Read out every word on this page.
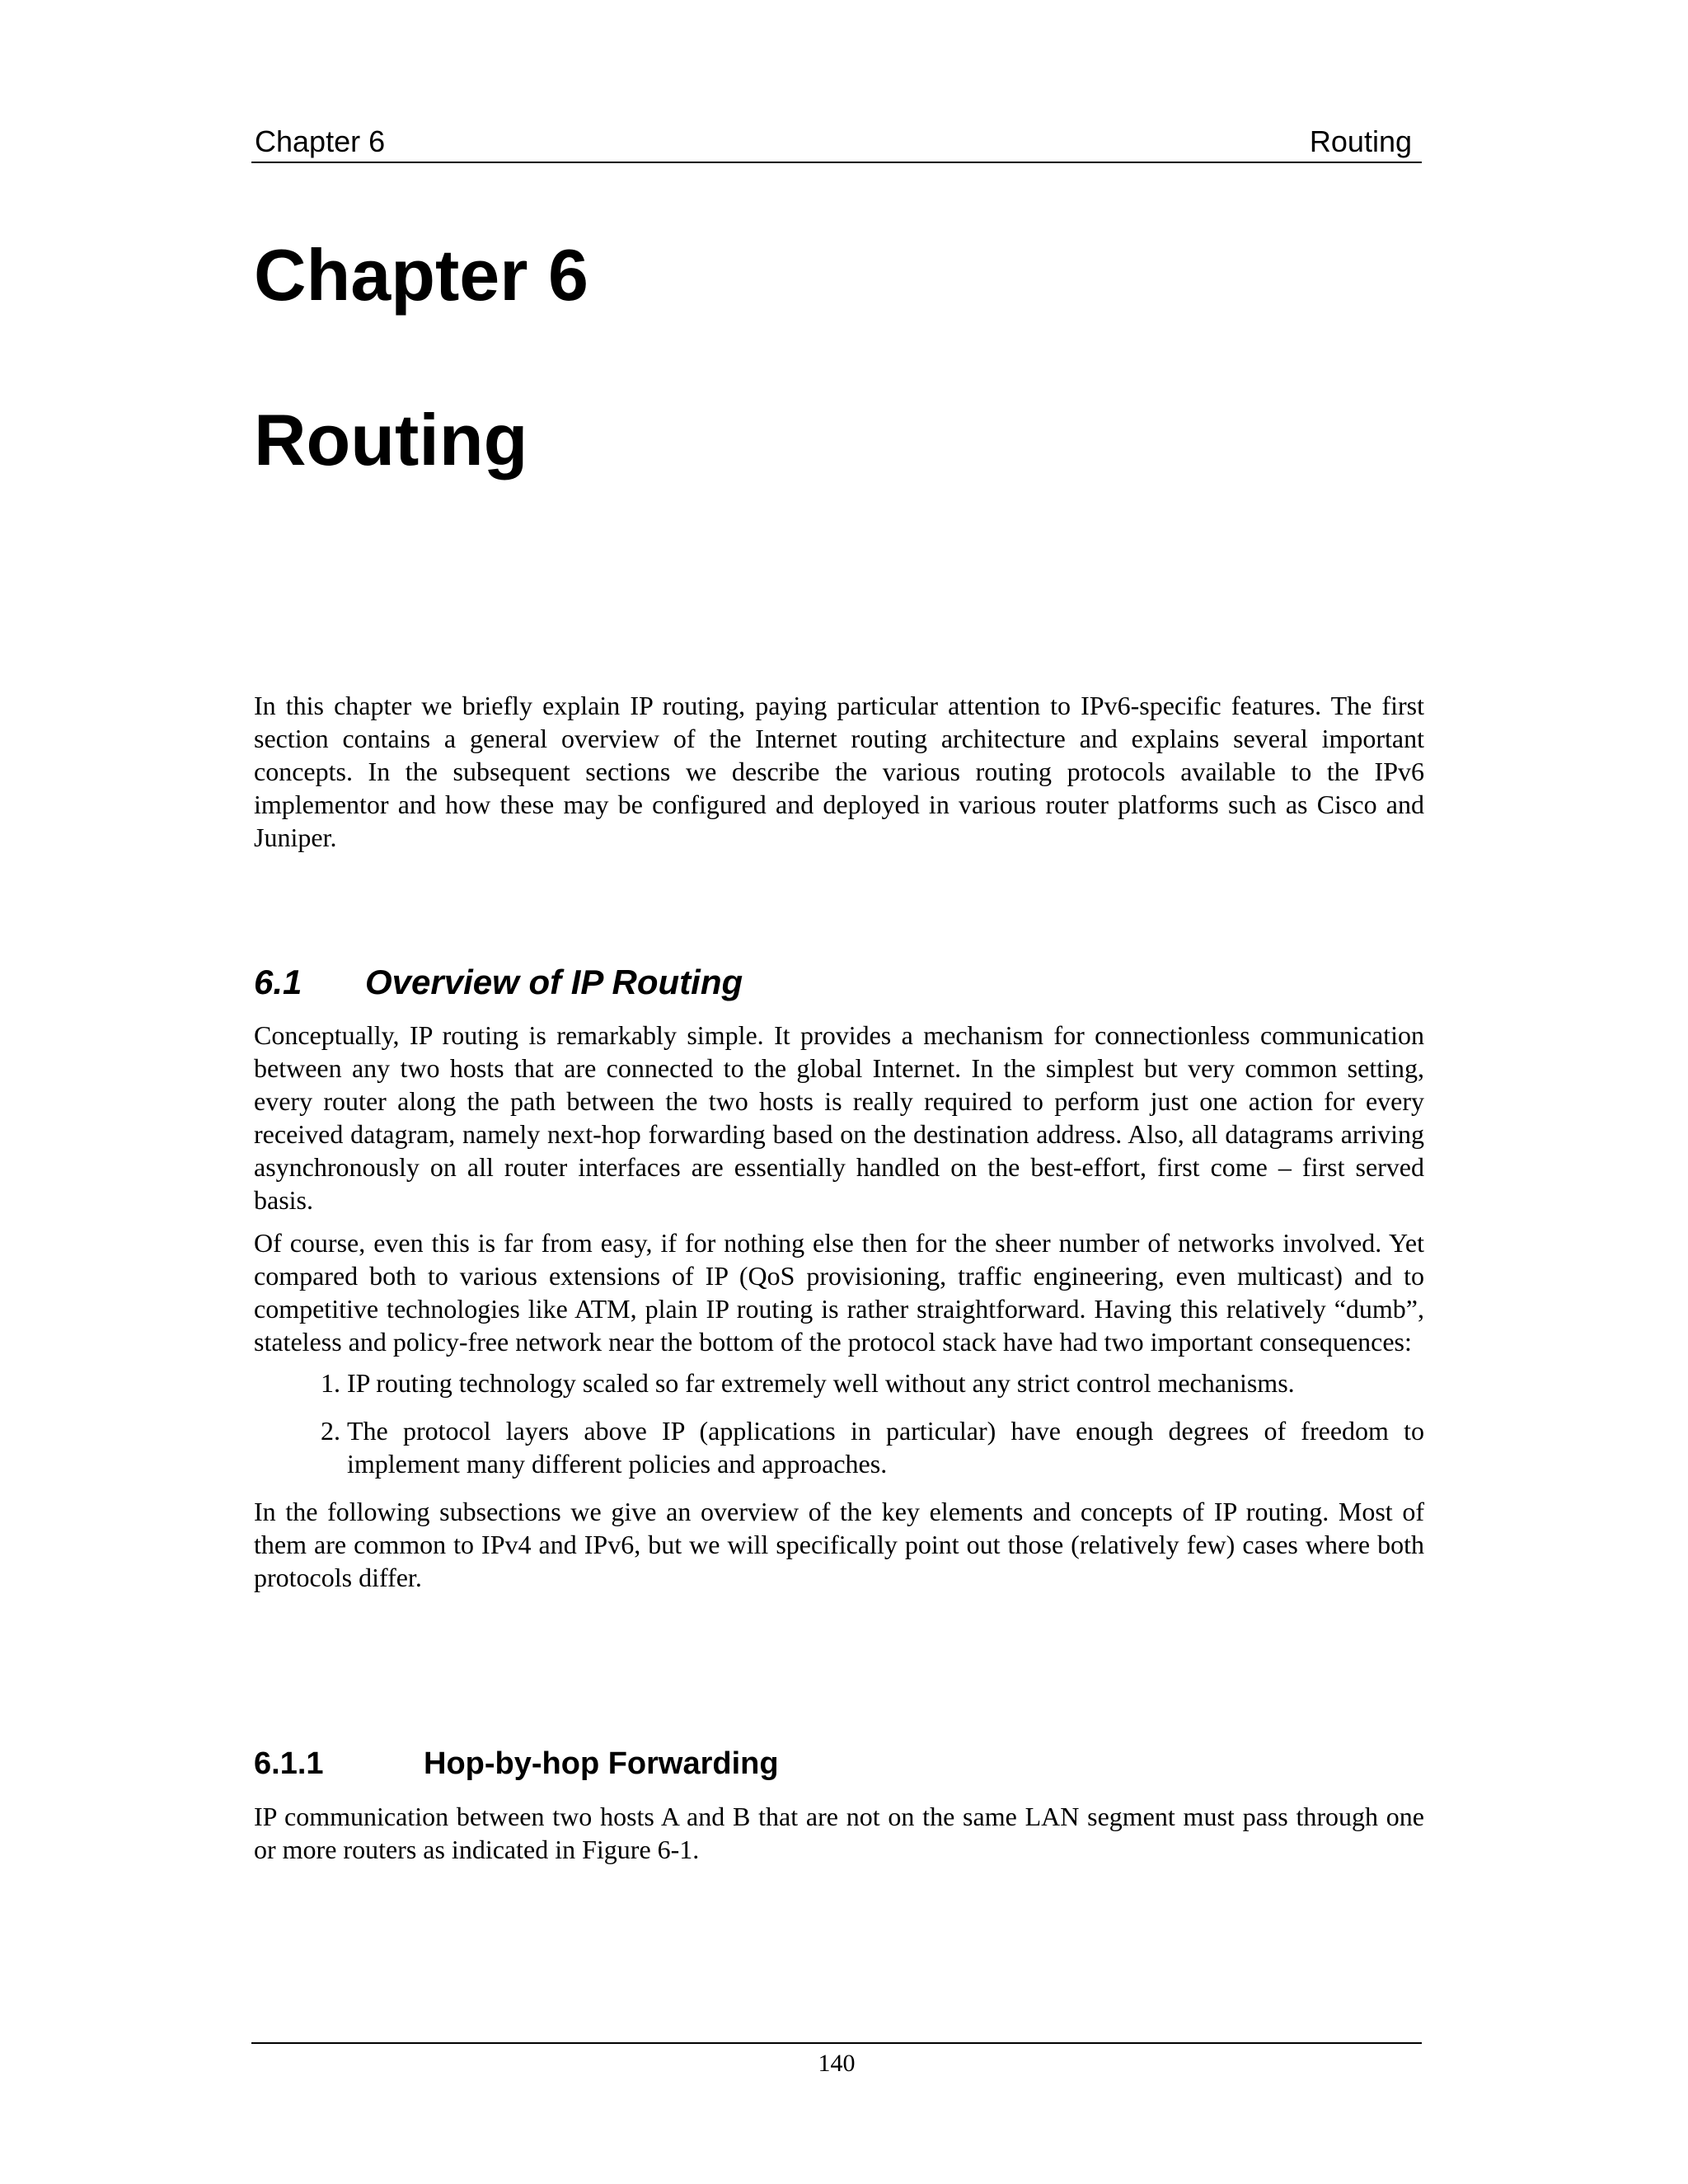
Chapter 6	Routing
Chapter 6
Routing

In this chapter we briefly explain IP routing, paying particular attention to IPv6-specific features. The first section contains a general overview of the Internet routing architecture and explains several important concepts. In the subsequent sections we describe the various routing protocols available to the IPv6 implementor and how these may be configured and deployed in various router platforms such as Cisco and Juniper.

6.1 Overview of IP Routing

Conceptually, IP routing is remarkably simple. It provides a mechanism for connectionless communication between any two hosts that are connected to the global Internet. In the simplest but very common setting, every router along the path between the two hosts is really required to perform just one action for every received datagram, namely next-hop forwarding based on the destination address. Also, all datagrams arriving asynchronously on all router interfaces are essentially handled on the best-effort, first come – first served basis.

Of course, even this is far from easy, if for nothing else then for the sheer number of networks involved. Yet compared both to various extensions of IP (QoS provisioning, traffic engineering, even multicast) and to competitive technologies like ATM, plain IP routing is rather straightforward. Having this relatively “dumb”, stateless and policy-free network near the bottom of the protocol stack have had two important consequences:

1. IP routing technology scaled so far extremely well without any strict control mechanisms.
2. The protocol layers above IP (applications in particular) have enough degrees of freedom to implement many different policies and approaches.

In the following subsections we give an overview of the key elements and concepts of IP routing. Most of them are common to IPv4 and IPv6, but we will specifically point out those (relatively few) cases where both protocols differ.

6.1.1	Hop-by-hop Forwarding

IP communication between two hosts A and B that are not on the same LAN segment must pass through one or more routers as indicated in Figure 6-1.

140
